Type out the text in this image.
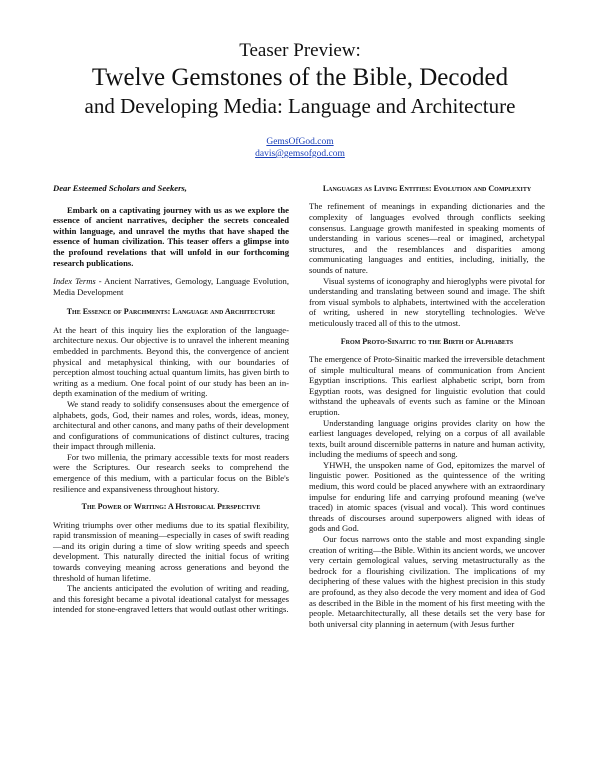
Teaser Preview:
Twelve Gemstones of the Bible, Decoded
and Developing Media: Language and Architecture
GemsOfGod.com
davis@gemsofgod.com

Dear Esteemed Scholars and Seekers,

Embark on a captivating journey with us as we explore the essence of ancient narratives, decipher the secrets concealed within language, and unravel the myths that have shaped the essence of human civilization. This teaser offers a glimpse into the profound revelations that will unfold in our forthcoming research publications.

Index Terms - Ancient Narratives, Gemology, Language Evolution, Media Development

The Essence of Parchments: Language and Architecture

At the heart of this inquiry lies the exploration of the language-architecture nexus. Our objective is to unravel the inherent meaning embedded in parchments. Beyond this, the convergence of ancient physical and metaphysical thinking, with our boundaries of perception almost touching actual quantum limits, has given birth to writing as a medium. One focal point of our study has been an in-depth examination of the medium of writing.

We stand ready to solidify consensuses about the emergence of alphabets, gods, God, their names and roles, words, ideas, money, architectural and other canons, and many paths of their development and configurations of communications of distinct cultures, tracing their impact through millenia.

For two millenia, the primary accessible texts for most readers were the Scriptures. Our research seeks to comprehend the emergence of this medium, with a particular focus on the Bible's resilience and expansiveness throughout history.

The Power of Writing: A Historical Perspective

Writing triumphs over other mediums due to its spatial flexibility, rapid transmission of meaning—especially in cases of swift reading—and its origin during a time of slow writing speeds and speech development. This naturally directed the initial focus of writing towards conveying meaning across generations and beyond the threshold of human lifetime.

The ancients anticipated the evolution of writing and reading, and this foresight became a pivotal ideational catalyst for messages intended for stone-engraved letters that would outlast other writings.

Languages as Living Entities: Evolution and Complexity

The refinement of meanings in expanding dictionaries and the complexity of languages evolved through conflicts seeking consensus. Language growth manifested in speaking moments of understanding in various scenes—real or imagined, archetypal structures, and the resemblances and disparities among communicating languages and entities, including, initially, the sounds of nature.

Visual systems of iconography and hieroglyphs were pivotal for understanding and translating between sound and image. The shift from visual symbols to alphabets, intertwined with the acceleration of writing, ushered in new storytelling technologies. We've meticulously traced all of this to the utmost.

From Proto-Sinaitic to the Birth of Alphabets

The emergence of Proto-Sinaitic marked the irreversible detachment of simple multicultural means of communication from Ancient Egyptian inscriptions. This earliest alphabetic script, born from Egyptian roots, was designed for linguistic evolution that could withstand the upheavals of events such as famine or the Minoan eruption.

Understanding language origins provides clarity on how the earliest languages developed, relying on a corpus of all available texts, built around discernible patterns in nature and human activity, including the mediums of speech and song.

YHWH, the unspoken name of God, epitomizes the marvel of linguistic power. Positioned as the quintessence of the writing medium, this word could be placed anywhere with an extraordinary impulse for enduring life and carrying profound meaning (we've traced) in atomic spaces (visual and vocal). This word continues threads of discourses around superpowers aligned with ideas of gods and God.

Our focus narrows onto the stable and most expanding single creation of writing—the Bible. Within its ancient words, we uncover very certain gemological values, serving metastructurally as the bedrock for a flourishing civilization. The implications of my deciphering of these values with the highest precision in this study are profound, as they also decode the very moment and idea of God as described in the Bible in the moment of his first meeting with the people. Metaarchitecturally, all these details set the very base for both universal city planning in aeternum (with Jesus further
